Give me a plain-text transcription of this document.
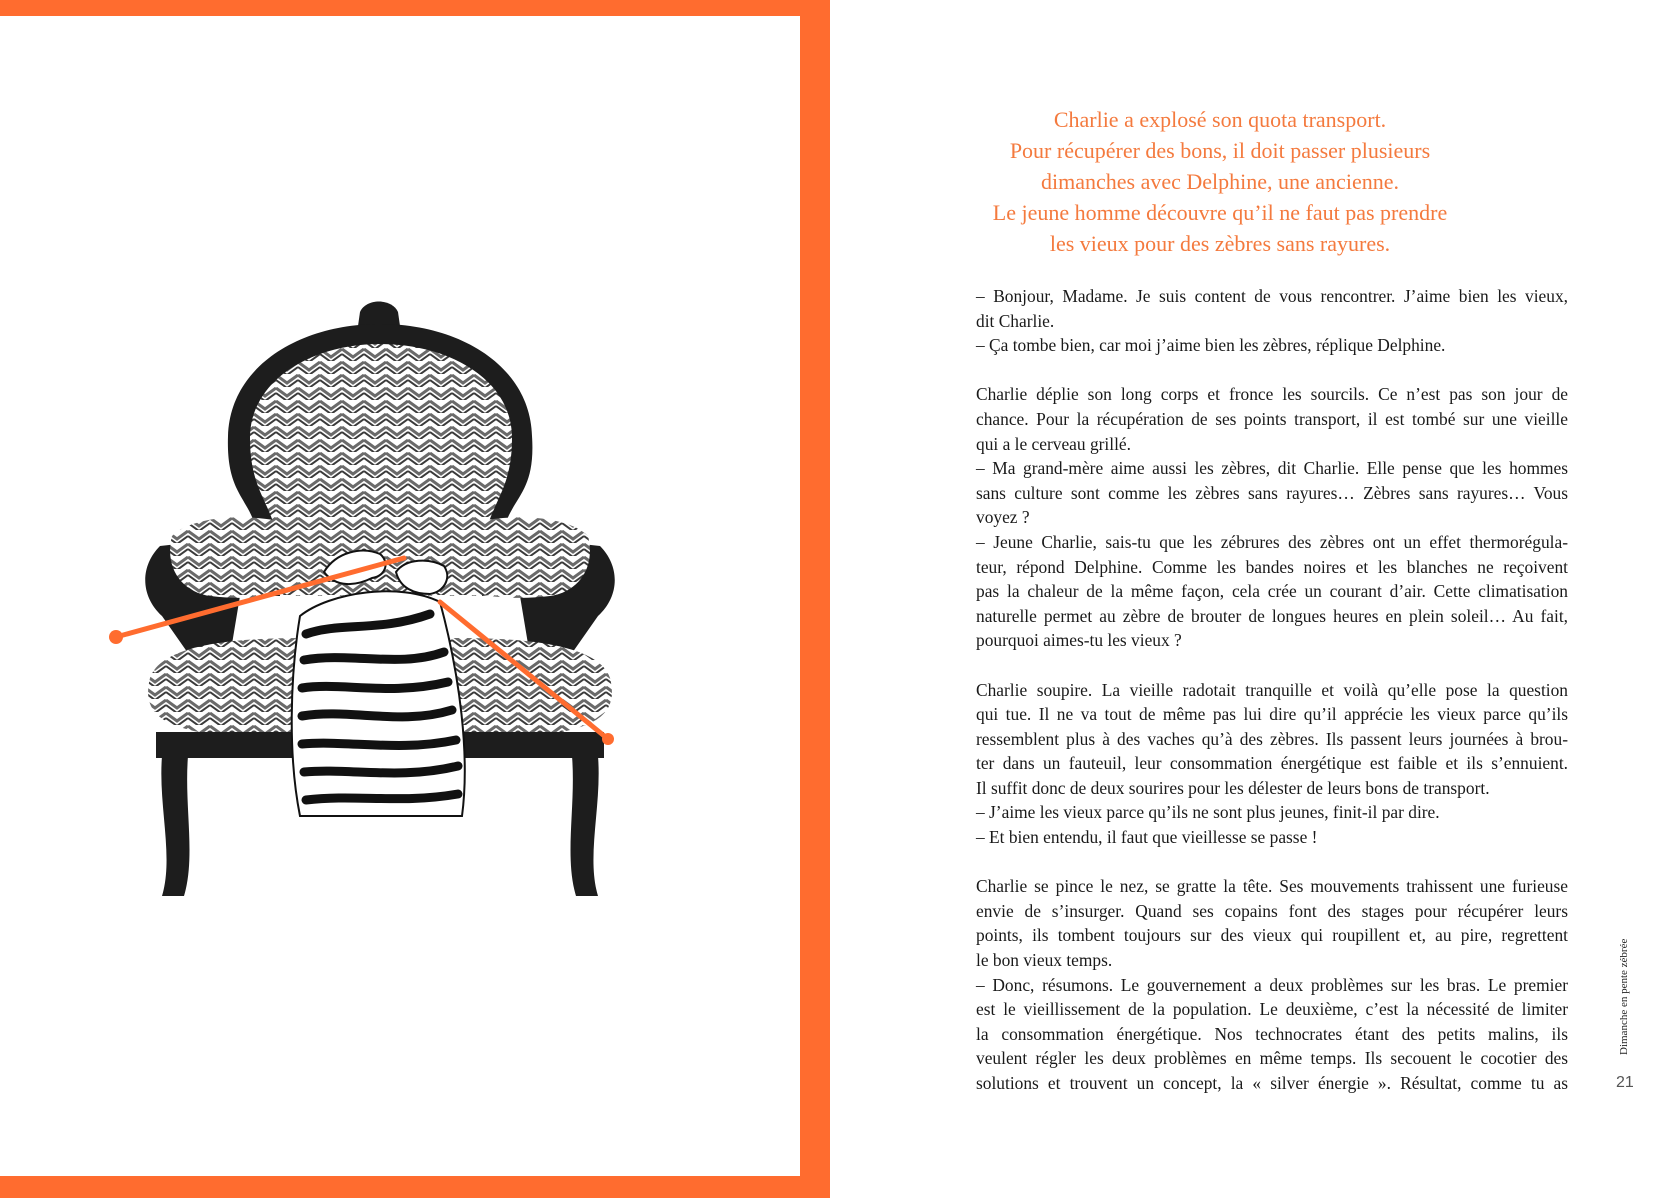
Charlie a explosé son quota transport.
Pour récupérer des bons, il doit passer plusieurs
dimanches avec Delphine, une ancienne.
Le jeune homme découvre qu’il ne faut pas prendre
les vieux pour des zèbres sans rayures.
– Bonjour, Madame. Je suis content de vous rencontrer. J’aime bien les vieux,
dit Charlie.
– Ça tombe bien, car moi j’aime bien les zèbres, réplique Delphine.
Charlie déplie son long corps et fronce les sourcils. Ce n’est pas son jour de
chance. Pour la récupération de ses points transport, il est tombé sur une vieille
qui a le cerveau grillé.
– Ma grand-mère aime aussi les zèbres, dit Charlie. Elle pense que les hommes
sans culture sont comme les zèbres sans rayures… Zèbres sans rayures… Vous
voyez ?
– Jeune Charlie, sais-tu que les zébrures des zèbres ont un effet thermorégula-
teur, répond Delphine. Comme les bandes noires et les blanches ne reçoivent
pas la chaleur de la même façon, cela crée un courant d’air. Cette climatisation
naturelle permet au zèbre de brouter de longues heures en plein soleil… Au fait,
pourquoi aimes-tu les vieux ?
Charlie soupire. La vieille radotait tranquille et voilà qu’elle pose la question
qui tue. Il ne va tout de même pas lui dire qu’il apprécie les vieux parce qu’ils
ressemblent plus à des vaches qu’à des zèbres. Ils passent leurs journées à brou-
ter dans un fauteuil, leur consommation énergétique est faible et ils s’ennuient.
Il suffit donc de deux sourires pour les délester de leurs bons de transport.
– J’aime les vieux parce qu’ils ne sont plus jeunes, finit-il par dire.
– Et bien entendu, il faut que vieillesse se passe !
Charlie se pince le nez, se gratte la tête. Ses mouvements trahissent une furieuse
envie de s’insurger. Quand ses copains font des stages pour récupérer leurs
points, ils tombent toujours sur des vieux qui roupillent et, au pire, regrettent
le bon vieux temps.
– Donc, résumons. Le gouvernement a deux problèmes sur les bras. Le premier
est le vieillissement de la population. Le deuxième, c’est la nécessité de limiter
la consommation énergétique. Nos technocrates étant des petits malins, ils
veulent régler les deux problèmes en même temps. Ils secouent le cocotier des
solutions et trouvent un concept, la « silver énergie ». Résultat, comme tu as
Dimanche en pente zébrée
21
